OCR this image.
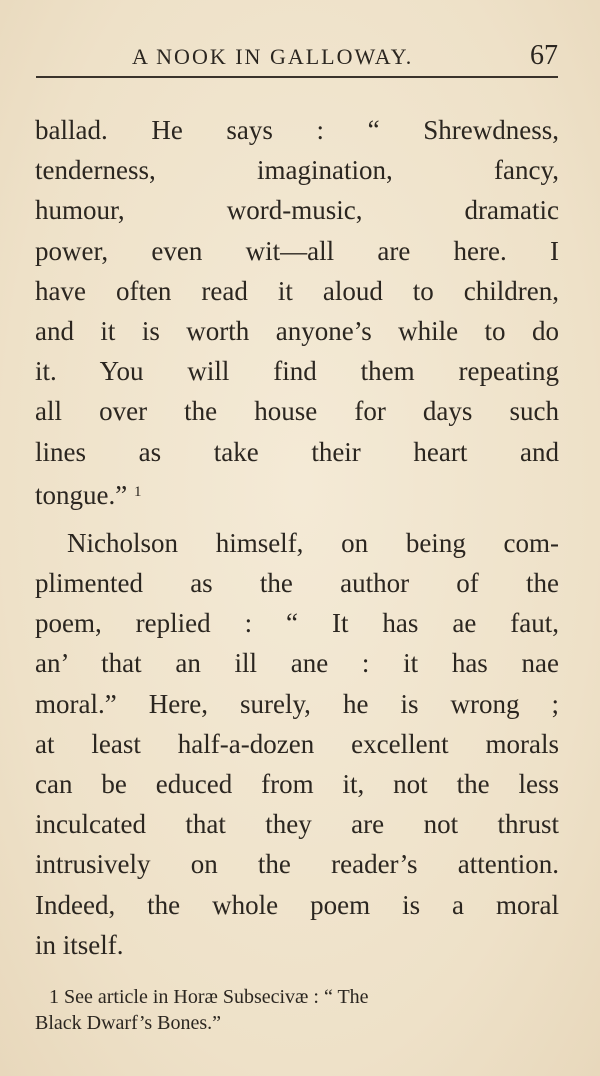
A NOOK IN GALLOWAY.	67
ballad. He says : “ Shrewdness,
tenderness, imagination, fancy,
humour, word-music, dramatic
power, even wit—all are here. I
have often read it aloud to children,
and it is worth anyone’s while to do
it. You will find them repeating
all over the house for days such
lines as take their heart and
tongue.” $^1$
Nicholson himself, on being com-
plimented as the author of the
poem, replied : “ It has ae faut,
an’ that an ill ane : it has nae
moral.” Here, surely, he is wrong ;
at least half-a-dozen excellent morals
can be educed from it, not the less
inculcated that they are not thrust
intrusively on the reader’s attention.
Indeed, the whole poem is a moral
in itself.
1 See article in Horæ Subsecivæ : “ The
Black Dwarf’s Bones.”
